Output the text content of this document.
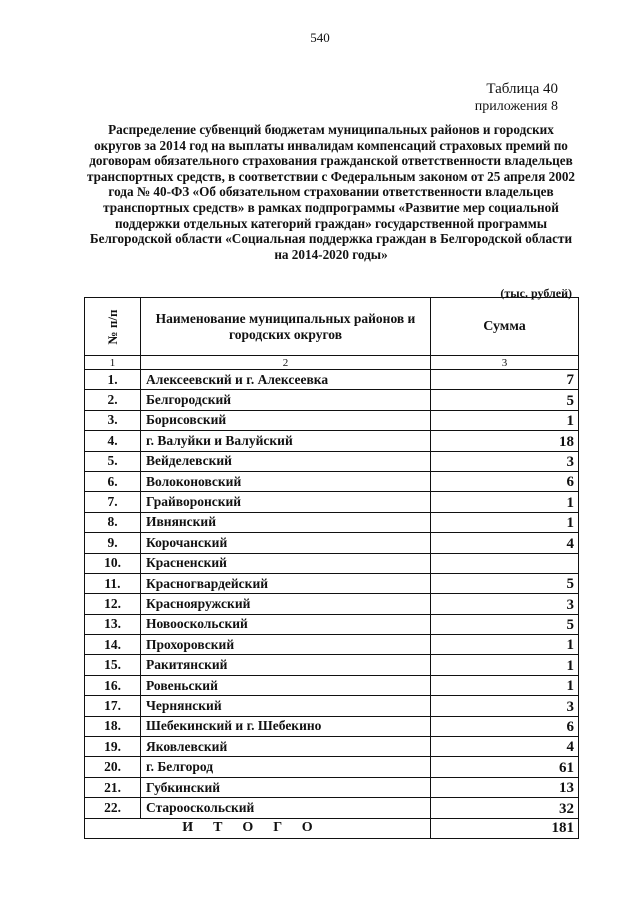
540
Таблица 40
приложения 8
Распределение субвенций бюджетам муниципальных районов и городских округов за 2014 год на выплаты инвалидам компенсаций страховых премий по договорам обязательного страхования гражданской ответственности владельцев транспортных средств, в соответствии с Федеральным законом от 25 апреля 2002 года № 40-ФЗ «Об обязательном страховании ответственности владельцев транспортных средств» в рамках подпрограммы «Развитие мер социальной поддержки отдельных категорий граждан» государственной программы Белгородской области «Социальная поддержка граждан в Белгородской области на 2014-2020 годы»
(тыс. рублей)
№ п/п	Наименование муниципальных районов и городских округов	Сумма
1	2	3
1.	Алексеевский и г. Алексеевка	7
2.	Белгородский	5
3.	Борисовский	1
4.	г. Валуйки и Валуйский	18
5.	Вейделевский	3
6.	Волоконовский	6
7.	Грайворонский	1
8.	Ивнянский	1
9.	Корочанский	4
10.	Красненский	
11.	Красногвардейский	5
12.	Краснояружский	3
13.	Новооскольский	5
14.	Прохоровский	1
15.	Ракитянский	1
16.	Ровеньский	1
17.	Чернянский	3
18.	Шебекинский и г. Шебекино	6
19.	Яковлевский	4
20.	г. Белгород	61
21.	Губкинский	13
22.	Старооскольский	32
ИТОГО		181
